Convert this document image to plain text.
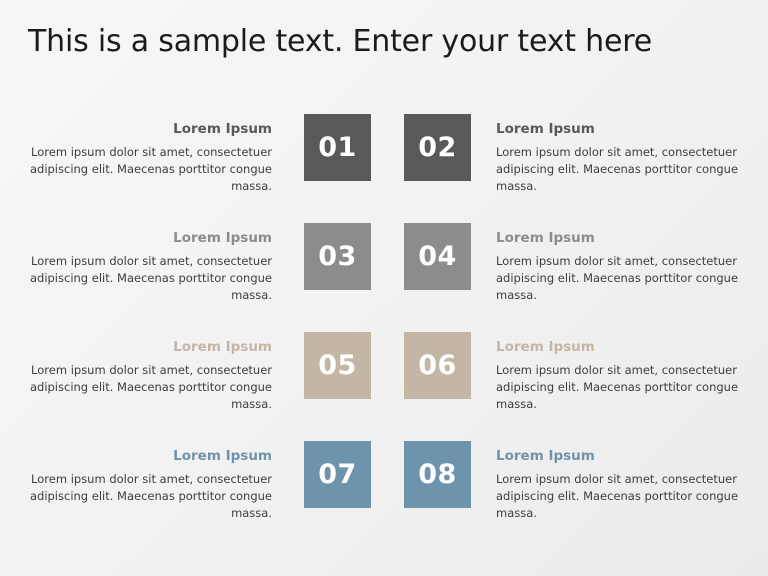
This is a sample text. Enter your text here
Lorem Ipsum
Lorem ipsum dolor sit amet, consectetuer adipiscing elit. Maecenas porttitor congue massa.
01 02
Lorem Ipsum
Lorem ipsum dolor sit amet, consectetuer adipiscing elit. Maecenas porttitor congue massa.
Lorem Ipsum
Lorem ipsum dolor sit amet, consectetuer adipiscing elit. Maecenas porttitor congue massa.
03 04
Lorem Ipsum
Lorem ipsum dolor sit amet, consectetuer adipiscing elit. Maecenas porttitor congue massa.
Lorem Ipsum
Lorem ipsum dolor sit amet, consectetuer adipiscing elit. Maecenas porttitor congue massa.
05 06
Lorem Ipsum
Lorem ipsum dolor sit amet, consectetuer adipiscing elit. Maecenas porttitor congue massa.
Lorem Ipsum
Lorem ipsum dolor sit amet, consectetuer adipiscing elit. Maecenas porttitor congue massa.
07 08
Lorem Ipsum
Lorem ipsum dolor sit amet, consectetuer adipiscing elit. Maecenas porttitor congue massa.
